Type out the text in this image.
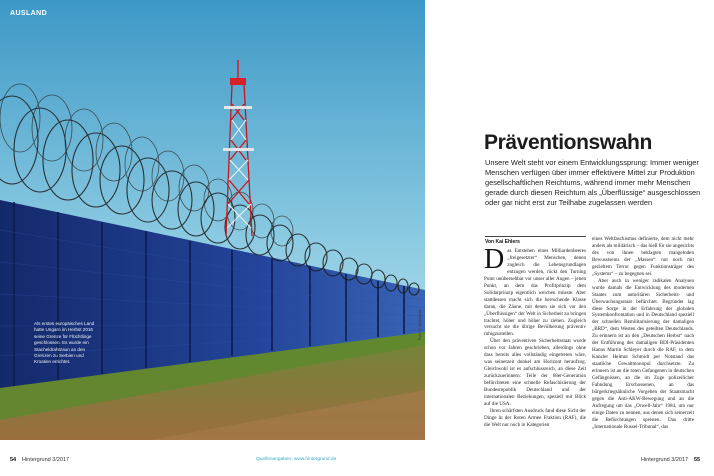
AUSLAND
Als erstes europäisches Land hatte Ungarn im Herbst 2016 seine Grenze für Flüchtlinge geschlossen. Es wurde ein Stacheldrahtzaun an den Grenzen zu Serbien und Kroatien errichtet.
Foto: © Istockphoto
54 Hintergrund 3/2017	Quellenangaben: www.hintergrund.de
Präventionswahn

Unsere Welt steht vor einem Entwicklungssprung: Immer weniger Menschen verfügen über immer effektivere Mittel zur Produktion gesellschaftlichen Reichtums, während immer mehr Menschen gerade durch diesen Reichtum als „Überflüssige“ ausgeschlossen oder gar nicht erst zur Teilhabe zugelassen werden

Von Kai Ehlers

Das Entstehen eines Milliardenheeres „freigesetzter“ Menschen, denen zugleich die Lebensgrundlagen entzogen werden, rückt den Turning Point unübersehbar vor unser aller Augen – jenen Punkt, an dem das Profitprinzip dem Solidarprinzip eigentlich weichen müsste. Aber stattdessen macht sich die herrschende Klasse daran, die Zäune, mit denen sie sich vor den „Überflüssigen“ der Welt in Sicherheit zu bringen trachtet, höher und höher zu ziehen. Zugleich versucht sie die übrige Bevölkerung präventiv ruhigzustellen.

Über den präventiven Sicherheitsstaat wurde schon vor Jahren geschrieben, allerdings ohne dass bereits alles vollständig eingetreten wäre, was seinerzeit dunkel am Horizont heraufzog. Gleichwohl ist es aufschlussreich, an diese Zeit zurückzuerinnern: Teile der 68er-Generation befürchteten eine schnelle Refaschisierung der Bundesrepublik Deutschland und der internationalen Beziehungen, speziell mit Blick auf die USA.

Ihren schärfsten Ausdruck fand diese Sicht der Dinge in der Roten Armee Fraktion (RAF), die die Welt nur noch in Kategorien

eines Weltfaschismus definierte, dem nicht mehr anders als militärisch – das hieß für sie angesichts des von ihnen beklagten mangelnden Bewusstseins der „Massen“: nur noch mit gezieltem Terror gegen Funktionsträger des „Systems“ – zu begegnen sei.

Aber auch in weniger radikalen Analysen wurde damals die Entwicklung des modernen Staates zum autoritären Sicherheits- und Überwachungsstaat befürchtet. Begründet lag diese Sorge in der Erfahrung der globalen Systemkonfrontation und in Deutschland speziell der schnellen Remilitarisierung der damaligen „BRD“, dem Westen des geteilten Deutschlands. Zu erinnern ist an den „Deutschen Herbst“ nach der Entführung des damaligen BDI-Präsidenten Hanns Martin Schleyer durch die RAF, in dem Kanzler Helmut Schmidt per Notstand das staatliche Gewaltmonopol durchsetzte. Zu erinnern ist an die toten Gefangenen in deutschen Gefängnissen, an die im Zuge polizeilicher Fahndung Erschossenen, an das bürgerkriegsähnliche Vorgehen der Staatsmacht gegen die Anti-AKW-Bewegung und an die Aufregung um das „Orwell-Jahr“ 1984, um nur einige Daten zu nennen, aus denen sich seinerzeit die Befürchtungen speisten. Das dritte „Internationale Russel-Tribunal“, das

Hintergrund 3/2017 55
